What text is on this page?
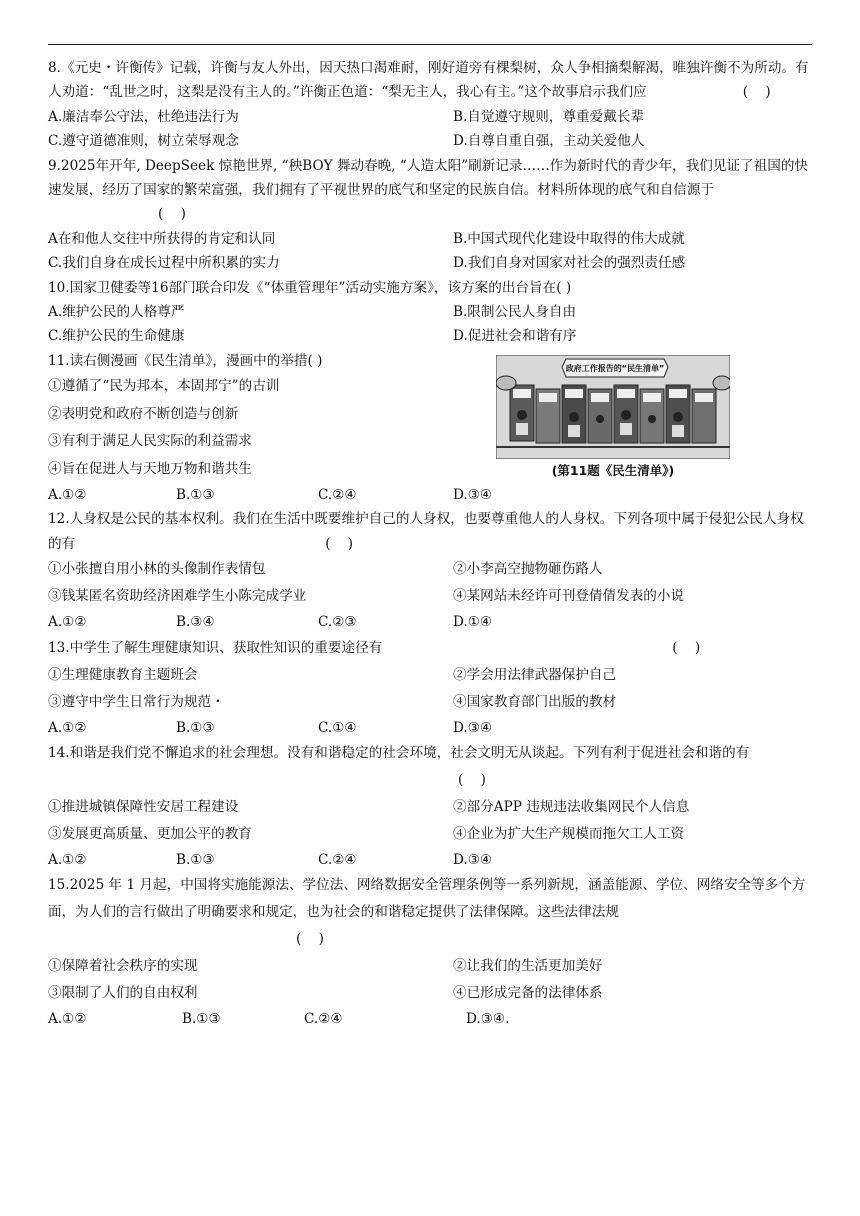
8.《元史・许衡传》记载，许衡与友人外出，因天热口渴难耐，刚好道旁有棵梨树，众人争相摘梨解渴，唯独许衡不为所动。有人劝道：“乱世之时，这梨是没有主人的。”许衡正色道：“梨无主人，我心有主。”这个故事启示我们应	(    )

A.廉洁奉公守法，杜绝违法行为	B.自觉遵守规则，尊重爱戴长辈
C.遵守道德准则，树立荣辱观念	D.自尊自重自强，主动关爱他人

9.2025年开年, DeepSeek 惊艳世界, “秧BOY 舞动春晚, “人造太阳”刷新记录……作为新时代的青少年，我们见证了祖国的快速发展，经历了国家的繁荣富强，我们拥有了平视世界的底气和坚定的民族自信。材料所体现的底气和自信源于(    )

A在和他人交往中所获得的肯定和认同	B.中国式现代化建设中取得的伟大成就
C.我们自身在成长过程中所积累的实力	D.我们自身对国家对社会的强烈责任感

10.国家卫健委等16部门联合印发《“体重管理年”活动实施方案》，该方案的出台旨在( )

A.维护公民的人格尊严	B.限制公民人身自由
C.维护公民的生命健康	D.促进社会和谐有序

11.读右侧漫画《民生清单》，漫画中的举措( )

①遵循了“民为邦本，本固邦宁”的古训
②表明党和政府不断创造与创新
③有利于满足人民实际的利益需求
④旨在促进人与天地万物和谐共生
A.①②	B.①③	C.②④	D.③④
政府工作报告的“民生清单”
(第11题《民生清单》)

12.人身权是公民的基本权利。我们在生活中既要维护自己的人身权，也要尊重他人的人身权。下列各项中属于侵犯公民人身权的有	(    )

①小张擅自用小林的头像制作表情包	②小李高空抛物砸伤路人
③钱某匿名资助经济困难学生小陈完成学业	④某网站未经许可刊登倩倩发表的小说
A.①②	B.③④	C.②③	D.①④

13.中学生了解生理健康知识、获取性知识的重要途径有	(    )

①生理健康教育主题班会	②学会用法律武器保护自己
③遵守中学生日常行为规范・	④国家教育部门出版的教材
A.①②	B.①③	C.①④	D.③④

14.和谐是我们党不懈追求的社会理想。没有和谐稳定的社会环境，社会文明无从谈起。下列有利于促进社会和谐的有(    )

①推进城镇保障性安居工程建设	②部分APP 违规违法收集网民个人信息
③发展更高质量、更加公平的教育	④企业为扩大生产规模而拖欠工人工资
A.①②	B.①③	C.②④	D.③④

15.2025 年 1 月起，中国将实施能源法、学位法、网络数据安全管理条例等一系列新规，涵盖能源、学位、网络安全等多个方面，为人们的言行做出了明确要求和规定，也为社会的和谐稳定提供了法律保障。这些法律法规

(    )

①保障着社会秩序的实现	②让我们的生活更加美好
③限制了人们的自由权利	④已形成完备的法律体系
A.①②	B.①③	C.②④	D.③④.
